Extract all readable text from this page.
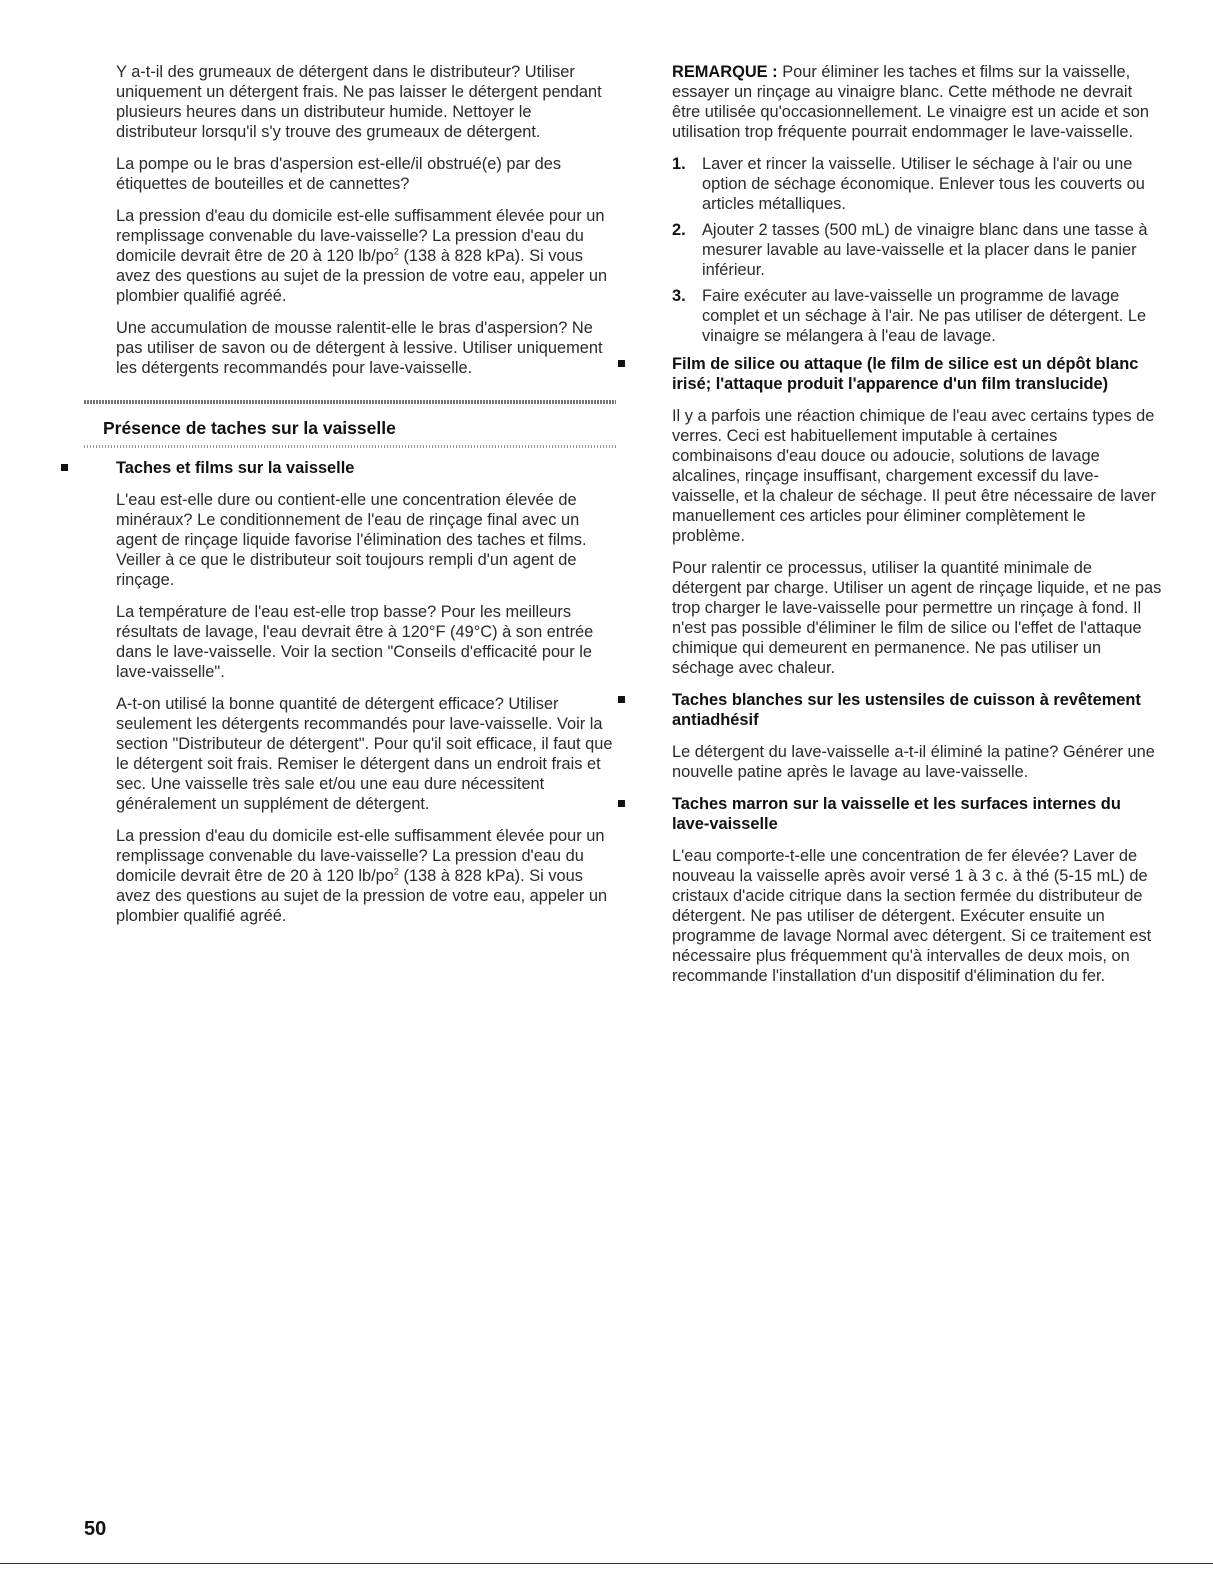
Y a-t-il des grumeaux de détergent dans le distributeur? Utiliser uniquement un détergent frais. Ne pas laisser le détergent pendant plusieurs heures dans un distributeur humide. Nettoyer le distributeur lorsqu'il s'y trouve des grumeaux de détergent.

La pompe ou le bras d'aspersion est-elle/il obstrué(e) par des étiquettes de bouteilles et de cannettes?

La pression d'eau du domicile est-elle suffisamment élevée pour un remplissage convenable du lave-vaisselle? La pression d'eau du domicile devrait être de 20 à 120 $lb/po^2$ (138 à 828 kPa). Si vous avez des questions au sujet de la pression de votre eau, appeler un plombier qualifié agréé.

Une accumulation de mousse ralentit-elle le bras d'aspersion? Ne pas utiliser de savon ou de détergent à lessive. Utiliser uniquement les détergents recommandés pour lave-vaisselle.

Présence de taches sur la vaisselle
Taches et films sur la vaisselle

L'eau est-elle dure ou contient-elle une concentration élevée de minéraux? Le conditionnement de l'eau de rinçage final avec un agent de rinçage liquide favorise l'élimination des taches et films. Veiller à ce que le distributeur soit toujours rempli d'un agent de rinçage.

La température de l'eau est-elle trop basse? Pour les meilleurs résultats de lavage, l'eau devrait être à 120°F (49°C) à son entrée dans le lave-vaisselle. Voir la section "Conseils d'efficacité pour le lave-vaisselle".

A-t-on utilisé la bonne quantité de détergent efficace? Utiliser seulement les détergents recommandés pour lave-vaisselle. Voir la section "Distributeur de détergent". Pour qu'il soit efficace, il faut que le détergent soit frais. Remiser le détergent dans un endroit frais et sec. Une vaisselle très sale et/ou une eau dure nécessitent généralement un supplément de détergent.

La pression d'eau du domicile est-elle suffisamment élevée pour un remplissage convenable du lave-vaisselle? La pression d'eau du domicile devrait être de 20 à 120 $lb/po^2$ (138 à 828 kPa). Si vous avez des questions au sujet de la pression de votre eau, appeler un plombier qualifié agréé.

REMARQUE : Pour éliminer les taches et films sur la vaisselle, essayer un rinçage au vinaigre blanc. Cette méthode ne devrait être utilisée qu'occasionnellement. Le vinaigre est un acide et son utilisation trop fréquente pourrait endommager le lave-vaisselle.

1. Laver et rincer la vaisselle. Utiliser le séchage à l'air ou une option de séchage économique. Enlever tous les couverts ou articles métalliques.
2. Ajouter 2 tasses (500 mL) de vinaigre blanc dans une tasse à mesurer lavable au lave-vaisselle et la placer dans le panier inférieur.
3. Faire exécuter au lave-vaisselle un programme de lavage complet et un séchage à l'air. Ne pas utiliser de détergent. Le vinaigre se mélangera à l'eau de lavage.
Film de silice ou attaque (le film de silice est un dépôt blanc irisé; l'attaque produit l'apparence d'un film translucide)

Il y a parfois une réaction chimique de l'eau avec certains types de verres. Ceci est habituellement imputable à certaines combinaisons d'eau douce ou adoucie, solutions de lavage alcalines, rinçage insuffisant, chargement excessif du lave-vaisselle, et la chaleur de séchage. Il peut être nécessaire de laver manuellement ces articles pour éliminer complètement le problème.

Pour ralentir ce processus, utiliser la quantité minimale de détergent par charge. Utiliser un agent de rinçage liquide, et ne pas trop charger le lave-vaisselle pour permettre un rinçage à fond. Il n'est pas possible d'éliminer le film de silice ou l'effet de l'attaque chimique qui demeurent en permanence. Ne pas utiliser un séchage avec chaleur.

Taches blanches sur les ustensiles de cuisson à revêtement antiadhésif

Le détergent du lave-vaisselle a-t-il éliminé la patine? Générer une nouvelle patine après le lavage au lave-vaisselle.

Taches marron sur la vaisselle et les surfaces internes du lave-vaisselle

L'eau comporte-t-elle une concentration de fer élevée? Laver de nouveau la vaisselle après avoir versé 1 à 3 c. à thé (5-15 mL) de cristaux d'acide citrique dans la section fermée du distributeur de détergent. Ne pas utiliser de détergent. Exécuter ensuite un programme de lavage Normal avec détergent. Si ce traitement est nécessaire plus fréquemment qu'à intervalles de deux mois, on recommande l'installation d'un dispositif d'élimination du fer.

50
